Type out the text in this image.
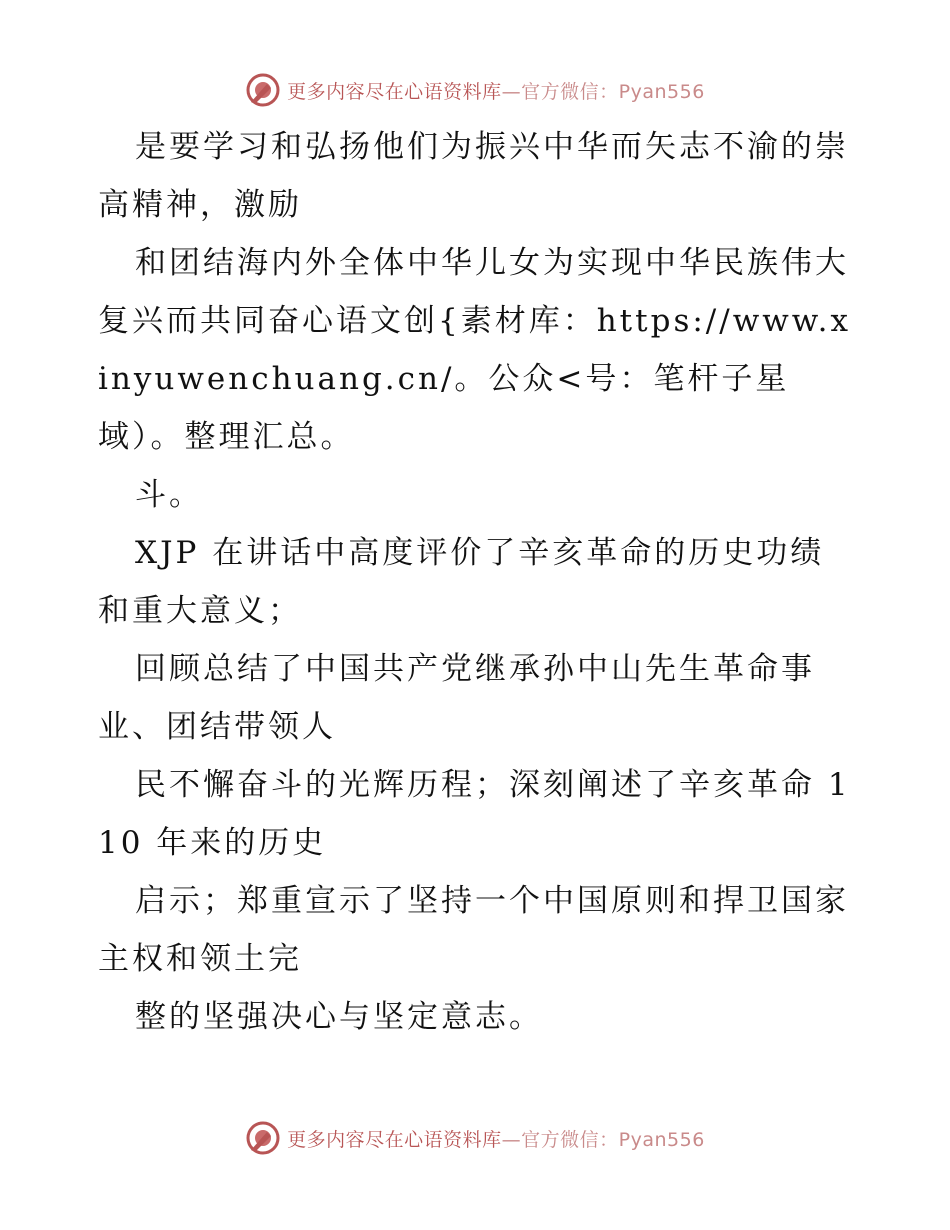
更多内容尽在心语资料库—官方微信：Pyan556

是要学习和弘扬他们为振兴中华而矢志不渝的崇高精神，激励

和团结海内外全体中华儿女为实现中华民族伟大复兴而共同奋心语文创{素材库：https://www.xinyuwenchuang.cn/。公众<号：笔杆子星域）。整理汇总。

斗。

XJP 在讲话中高度评价了辛亥革命的历史功绩和重大意义；

回顾总结了中国共产党继承孙中山先生革命事业、团结带领人

民不懈奋斗的光辉历程；深刻阐述了辛亥革命 110 年来的历史

启示；郑重宣示了坚持一个中国原则和捍卫国家主权和领土完

整的坚强决心与坚定意志。

更多内容尽在心语资料库—官方微信：Pyan556
